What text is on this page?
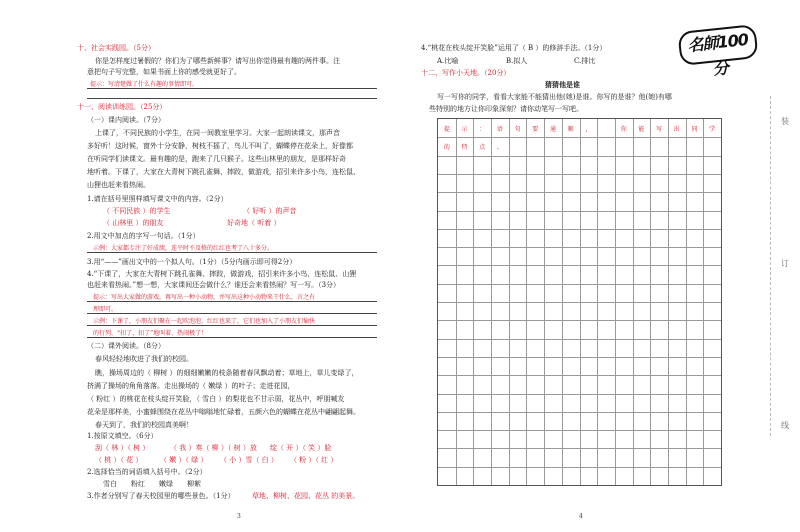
十、社会实践园。（5分）
你是怎样度过暑假的？你们为了哪些新鲜事？请写出你觉得最有趣的两件事。注
意把句子写完整，如果书面上你的感受就更好了。
提示：写清楚做了什么有趣的事情即可。
十一、阅读训练园。（25分）
（一）课内阅读。（7分）
上课了，不同民族的小学生，在同一间教室里学习。大家一起朗读课文，那声音
多好听！这时候，窗外十分安静，树枝不摇了，鸟儿不叫了，蝴蝶停在花朵上，好像都
在听同学们读课文。最有趣的是，跑来了几只猴子。这些山林里的朋友，是那样好奇
地听着。下课了，大家在大青树下跳孔雀舞、摔跤，做游戏，招引来许多小鸟，连松鼠、
山狸也赶来看热闹。
1.请在括号里照样填写课文中的内容。（2分）
（ 不同民族 ）的学生	（ 好听 ）的声音
（ 山林里 ）的朋友	好奇地（ 听着 ）
2.用文中加点的字写一句话。（1分）
示例：大家都专注了好成绩，连平时不及格的红红也考了八十多分。
3.用“——”画出文中的一个拟人句。（1分）（5分内画示即可得2分）
4.“下课了，大家在大青树下跳孔雀舞、摔跤，做游戏，招引来许多小鸟，连松鼠、山狸
也赶来看热闹。”想一想，大家课间还会做什么？谁还会来看热闹？写一写。（3分）
提示：写出大家做的游戏，再写出一种小动物，并写出这种小动物来干什么，言之有
理即可。
示例：下课了，小朋友们聚在一起吹泡泡，红红也来了，它们也加入了小朋友们愉快
的行列，“扣了，扣了”地叫着，热闹极了！
（二）课外阅读。（8分）
春风轻轻地吹进了我们的校园。
瞧，操场周边的（ 柳树 ）的细细嫩嫩的枝条随着春风飘动着；草地上，草儿变绿了，
挤满了操场的角角落落。走出操场的（ 嫩绿 ）的叶子；走进花园，
（ 粉红 ）的桃花在枝头绽开笑脸，（ 雪白 ）的梨花也不甘示弱，花丛中，呼朋喊友
花朵是那样美，小蜜蜂围绕在花丛中嗡嗡地忙碌着，五颜六色的蝴蝶在花丛中翩翩起舞。
春天到了，我们的校园真美啊！
1.按原文填空。（6分）
刮（ 林 ）（ 树 ）	（ 我 ）奏（ 柳 ）（ 树 ）放 绽（ 开 ）（ 笑 ）脸
（ 桃 ）（ 花 ）	（ 嫩 ）（ 绿 ） （ 小 ）雪（ 白 ） （ 粉 ）（ 红 ）
2.选择恰当的词语填入括号中。（2分）
雪白　　粉红　　嫩绿　　柳絮
3.作者分别写了春天校园里的哪些景色。（1分） 草地、柳树、花园、花丛 的美景。
3
名師100分
4.“桃花在枝头绽开笑脸”运用了（ B ）的修辞手法。（1分）
A.比喻	B.拟人	C.排比
十二、写作小天地。（20分）
猜猜他是谁
写一写你的同学，看看大家能不能猜出他(她)是谁。你写的是谁？他(她)有哪
些特别的地方让你印象深刻？请你动笔写一写吧。
提	示	：	语	句	要	通	顺	，	你	能	写	出	同	学
的	特	点	。
4
装
订
线
